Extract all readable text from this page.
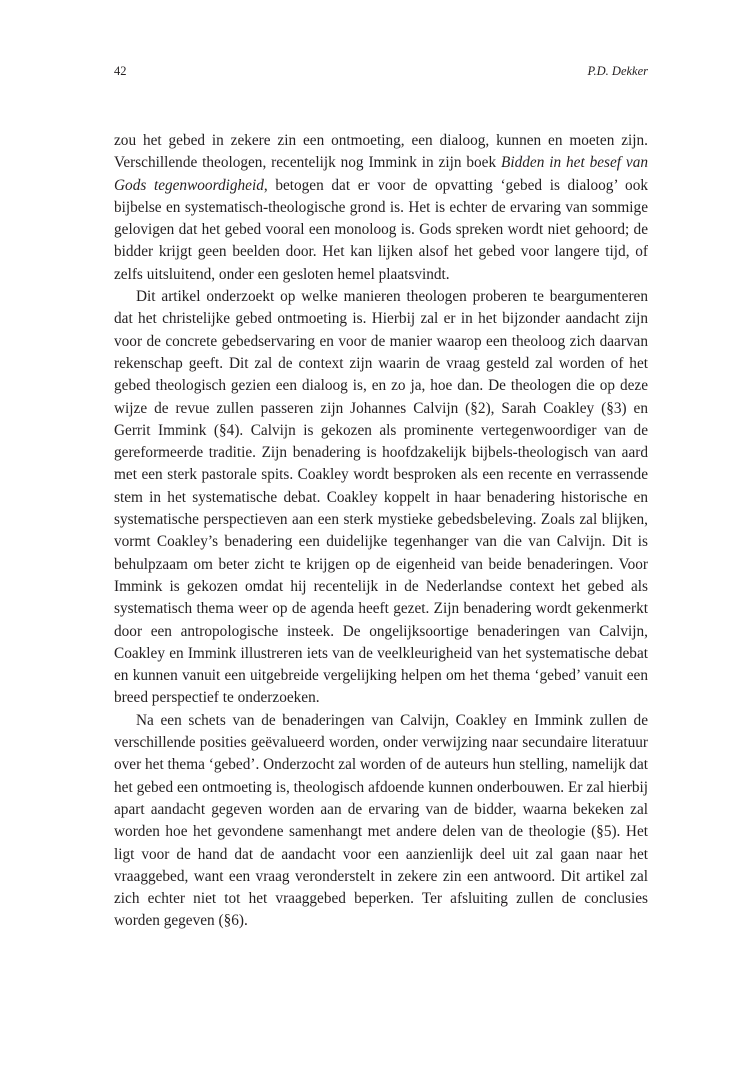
42	P.D. Dekker

zou het gebed in zekere zin een ontmoeting, een dialoog, kunnen en moeten zijn. Verschillende theologen, recentelijk nog Immink in zijn boek Bidden in het besef van Gods tegenwoordigheid, betogen dat er voor de opvatting ‘gebed is dialoog’ ook bijbelse en systematisch-theologische grond is. Het is echter de ervaring van sommige gelovigen dat het gebed vooral een monoloog is. Gods spreken wordt niet gehoord; de bidder krijgt geen beelden door. Het kan lijken alsof het gebed voor langere tijd, of zelfs uitsluitend, onder een gesloten hemel plaatsvindt.

Dit artikel onderzoekt op welke manieren theologen proberen te beargumenteren dat het christelijke gebed ontmoeting is. Hierbij zal er in het bijzonder aandacht zijn voor de concrete gebedservaring en voor de manier waarop een theoloog zich daarvan rekenschap geeft. Dit zal de context zijn waarin de vraag gesteld zal worden of het gebed theologisch gezien een dialoog is, en zo ja, hoe dan. De theologen die op deze wijze de revue zullen passeren zijn Johannes Calvijn (§2), Sarah Coakley (§3) en Gerrit Immink (§4). Calvijn is gekozen als prominente vertegenwoordiger van de gereformeerde traditie. Zijn benadering is hoofdzakelijk bijbels-theologisch van aard met een sterk pastorale spits. Coakley wordt besproken als een recente en verrassende stem in het systematische debat. Coakley koppelt in haar benadering historische en systematische perspectieven aan een sterk mystieke gebedsbeleving. Zoals zal blijken, vormt Coakley’s benadering een duidelijke tegenhanger van die van Calvijn. Dit is behulpzaam om beter zicht te krijgen op de eigenheid van beide benaderingen. Voor Immink is gekozen omdat hij recentelijk in de Nederlandse context het gebed als systematisch thema weer op de agenda heeft gezet. Zijn benadering wordt gekenmerkt door een antropologische insteek. De ongelijksoortige benaderingen van Calvijn, Coakley en Immink illustreren iets van de veelkleurigheid van het systematische debat en kunnen vanuit een uitgebreide vergelijking helpen om het thema ‘gebed’ vanuit een breed perspectief te onderzoeken.

Na een schets van de benaderingen van Calvijn, Coakley en Immink zullen de verschillende posities geëvalueerd worden, onder verwijzing naar secundaire literatuur over het thema ‘gebed’. Onderzocht zal worden of de auteurs hun stelling, namelijk dat het gebed een ontmoeting is, theologisch afdoende kunnen onderbouwen. Er zal hierbij apart aandacht gegeven worden aan de ervaring van de bidder, waarna bekeken zal worden hoe het gevondene samenhangt met andere delen van de theologie (§5). Het ligt voor de hand dat de aandacht voor een aanzienlijk deel uit zal gaan naar het vraaggebed, want een vraag veronderstelt in zekere zin een antwoord. Dit artikel zal zich echter niet tot het vraaggebed beperken. Ter afsluiting zullen de conclusies worden gegeven (§6).
